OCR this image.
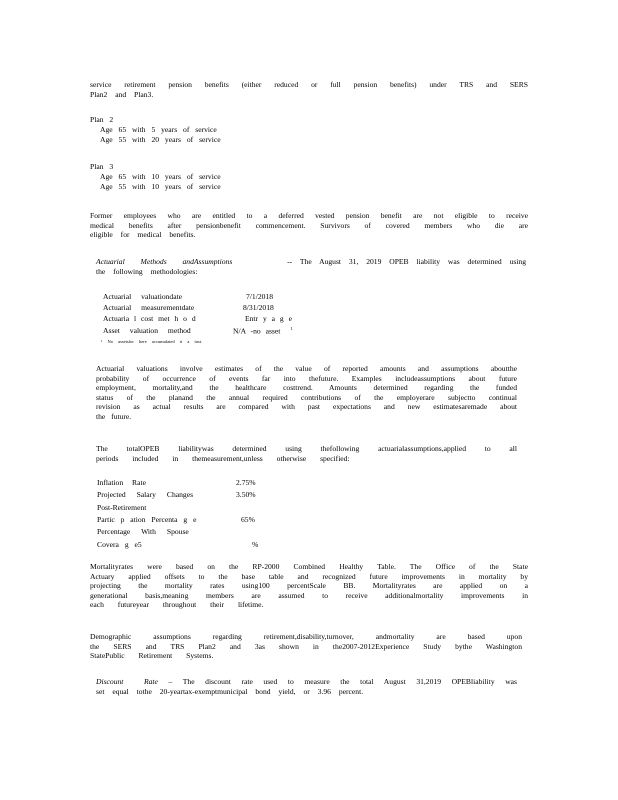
service retirement pension benefits (either reduced or full pension benefits) under TRS and SERS
Plan2 and Plan3.
Plan 2
Age 65 with 5 years of service
Age 55 with 20 years of service
Plan 3
Age 65 with 10 years of service
Age 55 with 10 years of service
Former employees who are entitled to a deferred vested pension benefit are not eligible to receive
medical benefits after pensionbenefit commencement. Survivors of covered members who die are
eligible for medical benefits.
Actuarial Methods andAssumptions	-- The August 31, 2019 OPEB liability was determined using
the following methodologies:
Actuarial valuationdate	7/1/2018
Actuarial measurementdate	8/31/2018
Actuaria l cost met h o d	Entr y a g e
Asset valuation method	N/A -no asset $^1$
¹ No assetsfor here accumulated it a tust.
Actuarial valuations involve estimates of the value of reported amounts and assumptions aboutthe
probability of occurrence of events far into thefuture. Examples includeassumptions about future
employment, mortality,and the healthcare costtrend. Amounts determined regarding the funded
status of the planand the annual required contributions of the employerare subjectto continual
revision as actual results are compared with past expectations and new estimatesaremade about
the future.
The totalOPEB liabilitywas determined using thefollowing actuarialassumptions,applied to all
periods included in themeasurement,unless otherwise specified:
Inflation Rate	2.75%
Projected Salary Changes	3.50%
Post-Retirement
Partic p ation Percenta g e	65%
Percentage With Spouse
Covera g e5	%
Mortalityrates were based on the RP-2000 Combined Healthy Table. The Office of the State
Actuary applied offsets to the base table and recognized future improvements in mortality by
projecting the mortality rates using100 percentScale BB. Mortalityrates are applied on a
generational basis,meaning members are assumed to receive additionalmortality improvements in
each futureyear throughout their lifetime.
Demographic assumptions regarding retirement,disability,turnover, andmortality are based upon
the SERS and TRS Plan2 and 3as shown in the2007-2012Experience Study bythe Washington
StatePublic Retirement Systems.
Discount Rate – The discount rate used to measure the total August 31,2019 OPEBliability was
set equal tothe 20-yeartax-exemptmunicipal bond yield, or 3.96 percent.
